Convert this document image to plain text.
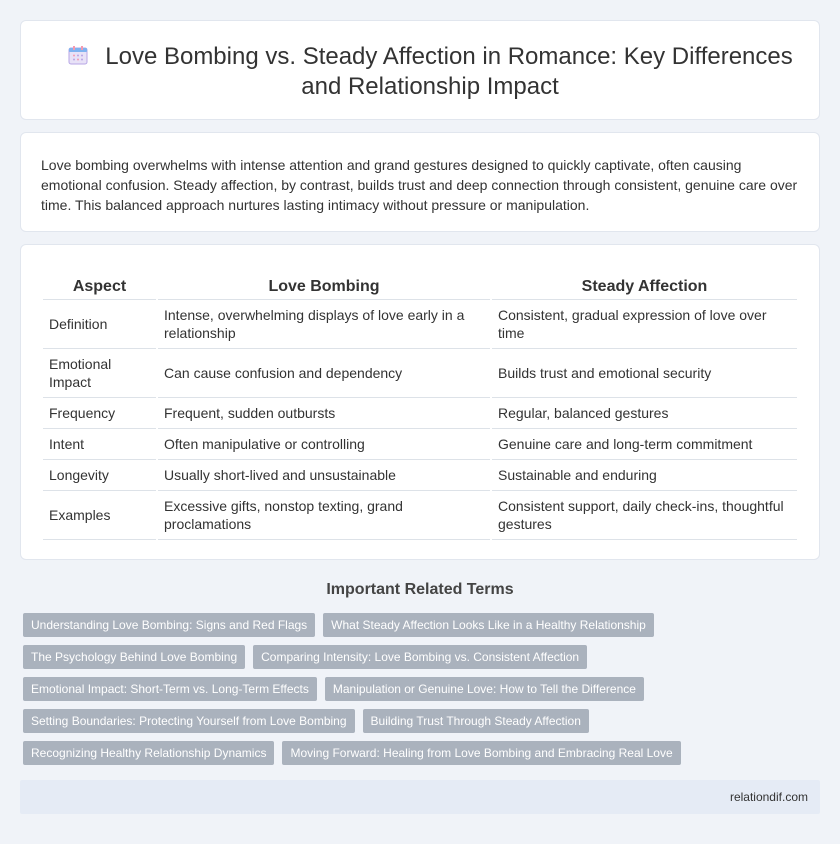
Love Bombing vs. Steady Affection in Romance: Key Differences and Relationship Impact

Love bombing overwhelms with intense attention and grand gestures designed to quickly captivate, often causing emotional confusion. Steady affection, by contrast, builds trust and deep connection through consistent, genuine care over time. This balanced approach nurtures lasting intimacy without pressure or manipulation.

Aspect	Love Bombing	Steady Affection
Definition	Intense, overwhelming displays of love early in a relationship	Consistent, gradual expression of love over time
Emotional Impact	Can cause confusion and dependency	Builds trust and emotional security
Frequency	Frequent, sudden outbursts	Regular, balanced gestures
Intent	Often manipulative or controlling	Genuine care and long-term commitment
Longevity	Usually short-lived and unsustainable	Sustainable and enduring
Examples	Excessive gifts, nonstop texting, grand proclamations	Consistent support, daily check-ins, thoughtful gestures
Important Related Terms
Understanding Love Bombing: Signs and Red Flags	What Steady Affection Looks Like in a Healthy Relationship
The Psychology Behind Love Bombing	Comparing Intensity: Love Bombing vs. Consistent Affection
Emotional Impact: Short-Term vs. Long-Term Effects	Manipulation or Genuine Love: How to Tell the Difference
Setting Boundaries: Protecting Yourself from Love Bombing	Building Trust Through Steady Affection
Recognizing Healthy Relationship Dynamics	Moving Forward: Healing from Love Bombing and Embracing Real Love
relationdif.com
